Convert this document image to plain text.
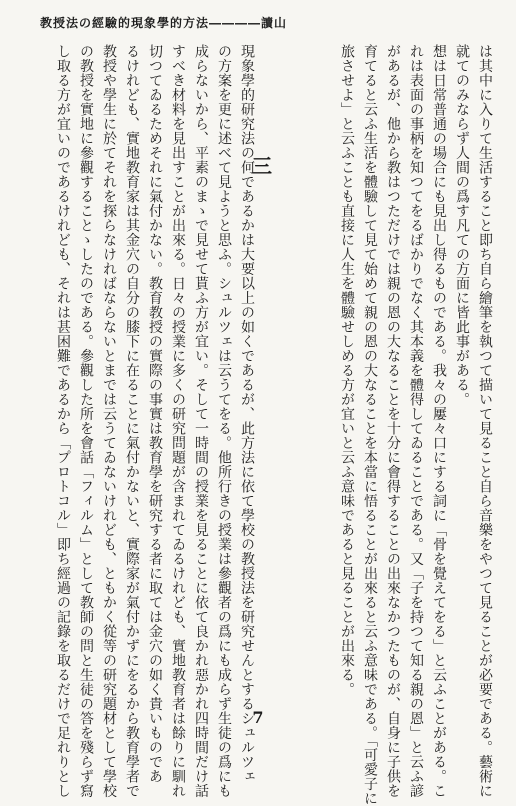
教授法の經驗的現象學的方法――――讀山
は其中に入りて生活すること即ち自ら繪筆を執つて描いて見ること自ら音樂をやつて見ることが必要である。藝術に
就てのみならず人間の爲す凡ての方面に皆此事がある。
想は日常普通の場合にも見出し得るものである。我々の屢々口にする詞に「骨を覺えてをる」と云ふことがある。こ
れは表面の事柄を知つてをるばかりでなく其本義を體得してゐることである。又「子を持つて知る親の恩」と云ふ諺
があるが、他から教はつただけでは親の恩の大なることを十分に會得することの出來なかつたものが、自身に子供を
育てると云ふ生活を體驗して見て始めて親の恩の大なることを本當に悟ることが出來ると云ふ意味である。「可愛子に
旅させよ」と云ふことも直接に人生を體驗せしめる方が宜いと云ふ意味であると見ることが出來る。
三
現象學的研究法の何であるかは大要以上の如くであるが、此方法に依て學校の教授法を研究せんとするシュルツェ
の方案を更に述べて見ようと思ふ。シュルツェは云うてをる。他所行きの授業は參觀者の爲にも成らず生徒の爲にも
成らないから、平素のまゝで見せて貰ふ方が宜い。そして一時間の授業を見ることに依て良かれ惡かれ四時間だけ話
すべき材料を見出すことが出來る。日々の授業に多くの研究問題が含まれてゐるけれども、實地教育者は餘りに馴れ
切つてゐるためそれに氣付かない。教育教授の實際の事實は教育學を研究する者に取ては金穴の如く貴いものであ
るけれども、實地教育家は其金穴の自分の膝下に在ることに氣付かないと、實際家が氣付かずにをるから教育學者で
教授や學生に於てそれを探らなければならないとまでは云うてゐないけれども、ともかく從等の研究題材として學校
の教授を實地に參觀することゝしたのである。參觀した所を會話「フィルム」として教師の問と生徒の答を殘らず寫
し取る方が宜いのであるけれども、それは甚困難であるから「プロトコル」即ち經過の記錄を取るだけで足れりとし	7
